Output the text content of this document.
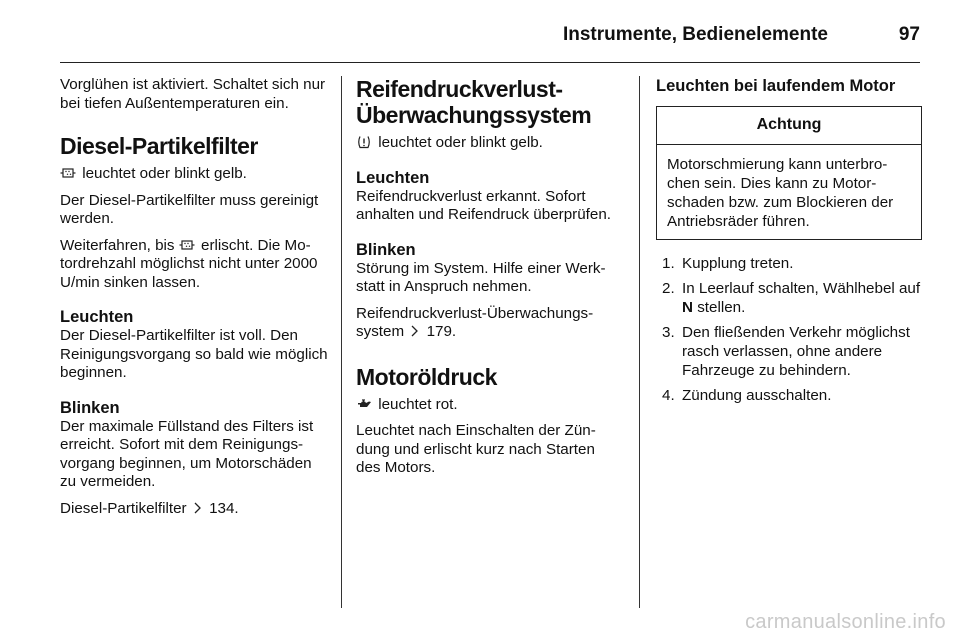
Instrumente, Bedienelemente	97

Vorglühen ist aktiviert. Schaltet sich nur bei tiefen Außentemperaturen ein.

Diesel-Partikelfilter

leuchtet oder blinkt gelb.

Der Diesel-Partikelfilter muss gereinigt werden.

Weiterfahren, bis erlischt. Die Motordrehzahl möglichst nicht unter 2000 U/min sinken lassen.

Leuchten

Der Diesel-Partikelfilter ist voll. Den Reinigungsvorgang so bald wie möglich beginnen.

Blinken

Der maximale Füllstand des Filters ist erreicht. Sofort mit dem Reinigungsvorgang beginnen, um Motorschäden zu vermeiden.

Diesel-Partikelfilter 134.

Reifendruckverlust-
Überwachungssystem

leuchtet oder blinkt gelb.

Leuchten

Reifendruckverlust erkannt. Sofort anhalten und Reifendruck überprüfen.

Blinken

Störung im System. Hilfe einer Werkstatt in Anspruch nehmen.

Reifendruckverlust-Überwachungssystem 179.

Motoröldruck

leuchtet rot.

Leuchtet nach Einschalten der Zündung und erlischt kurz nach Starten des Motors.

Leuchten bei laufendem Motor
Achtung
Motorschmierung kann unterbrochen sein. Dies kann zu Motorschaden bzw. zum Blockieren der Antriebsräder führen.
1. Kupplung treten.
2. In Leerlauf schalten, Wählhebel auf N stellen.
3. Den fließenden Verkehr möglichst rasch verlassen, ohne andere Fahrzeuge zu behindern.
4. Zündung ausschalten.
carmanualsonline.info
